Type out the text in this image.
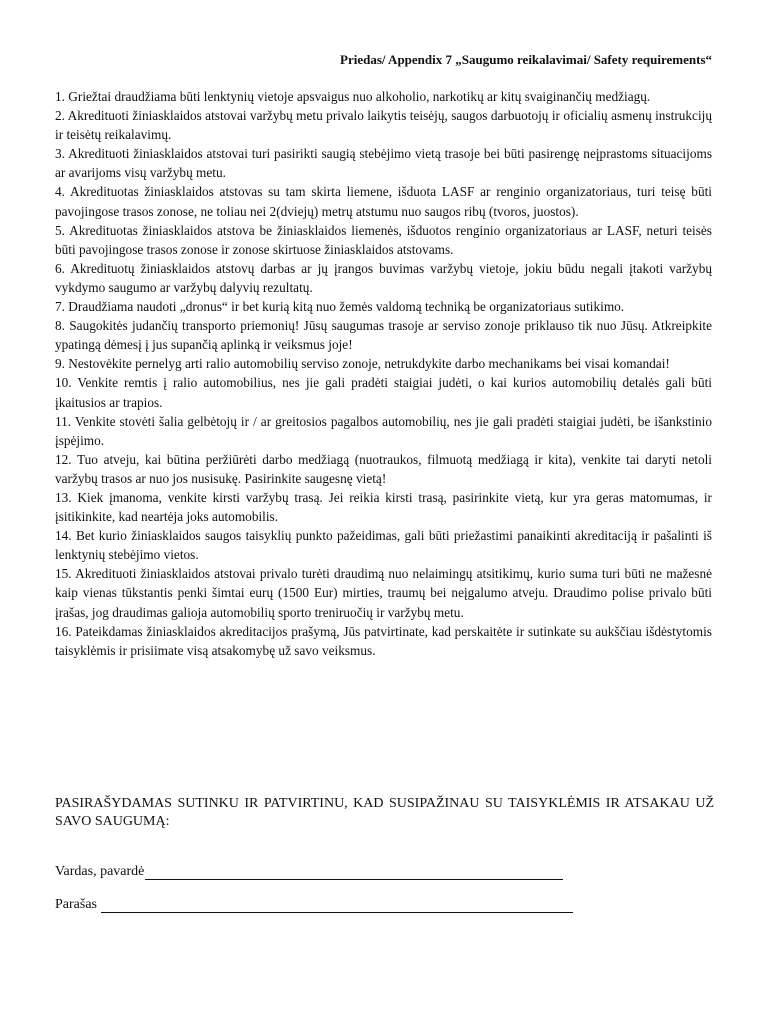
Priedas/ Appendix 7 „Saugumo reikalavimai/ Safety requirements“
1. Griežtai draudžiama būti lenktynių vietoje apsvaigus nuo alkoholio, narkotikų ar kitų svaiginančių medžiagų.
2. Akredituoti žiniasklaidos atstovai varžybų metu privalo laikytis teisėjų, saugos darbuotojų ir oficialių asmenų instrukcijų ir teisėtų reikalavimų.
3. Akredituoti žiniasklaidos atstovai turi pasirikti saugią stebėjimo vietą trasoje bei būti pasirengę neįprastoms situacijoms ar avarijoms visų varžybų metu.
4. Akredituotas žiniasklaidos atstovas su tam skirta liemene, išduota LASF ar renginio organizatoriaus, turi teisę būti pavojingose trasos zonose, ne toliau nei 2(dviejų) metrų atstumu nuo saugos ribų (tvoros, juostos).
5. Akredituotas žiniasklaidos atstova be žiniasklaidos liemenės, išduotos renginio organizatoriaus ar LASF, neturi teisės būti pavojingose trasos zonose ir zonose skirtuose žiniasklaidos atstovams.
6. Akredituotų žiniasklaidos atstovų darbas ar jų įrangos buvimas varžybų vietoje, jokiu būdu negali įtakoti varžybų vykdymo saugumo ar varžybų dalyvių rezultatų.
7. Draudžiama naudoti „dronus“ ir bet kurią kitą nuo žemės valdomą techniką be organizatoriaus sutikimo.
8. Saugokitės judančių transporto priemonių! Jūsų saugumas trasoje ar serviso zonoje priklauso tik nuo Jūsų. Atkreipkite ypatingą dėmesį į jus supančią aplinką ir veiksmus joje!
9. Nestovėkite pernelyg arti ralio automobilių serviso zonoje, netrukdykite darbo mechanikams bei visai komandai!
10. Venkite remtis į ralio automobilius, nes jie gali pradėti staigiai judėti, o kai kurios automobilių detalės gali būti įkaitusios ar trapios.
11. Venkite stovėti šalia gelbėtojų ir / ar greitosios pagalbos automobilių, nes jie gali pradėti staigiai judėti, be išankstinio įspėjimo.
12. Tuo atveju, kai būtina peržiūrėti darbo medžiagą (nuotraukos, filmuotą medžiagą ir kita), venkite tai daryti netoli varžybų trasos ar nuo jos nusisukę. Pasirinkite saugesnę vietą!
13. Kiek įmanoma, venkite kirsti varžybų trasą. Jei reikia kirsti trasą, pasirinkite vietą, kur yra geras matomumas, ir įsitikinkite, kad neartėja joks automobilis.
14. Bet kurio žiniasklaidos saugos taisyklių punkto pažeidimas, gali būti priežastimi panaikinti akreditaciją ir pašalinti iš lenktynių stebėjimo vietos.
15. Akredituoti žiniasklaidos atstovai privalo turėti draudimą nuo nelaimingų atsitikimų, kurio suma turi būti ne mažesnė kaip vienas tūkstantis penki šimtai eurų (1500 Eur) mirties, traumų bei neįgalumo atveju. Draudimo polise privalo būti įrašas, jog draudimas galioja automobilių sporto treniruočių ir varžybų metu.
16. Pateikdamas žiniasklaidos akreditacijos prašymą, Jūs patvirtinate, kad perskaitėte ir sutinkate su aukščiau išdėstytomis taisyklėmis ir prisiimate visą atsakomybę už savo veiksmus.
PASIRAŠYDAMAS SUTINKU IR PATVIRTINU, KAD SUSIPAŽINAU SU TAISYKLĖMIS IR ATSAKAU UŽ SAVO SAUGUMĄ:
Vardas, pavardė
Parašas
